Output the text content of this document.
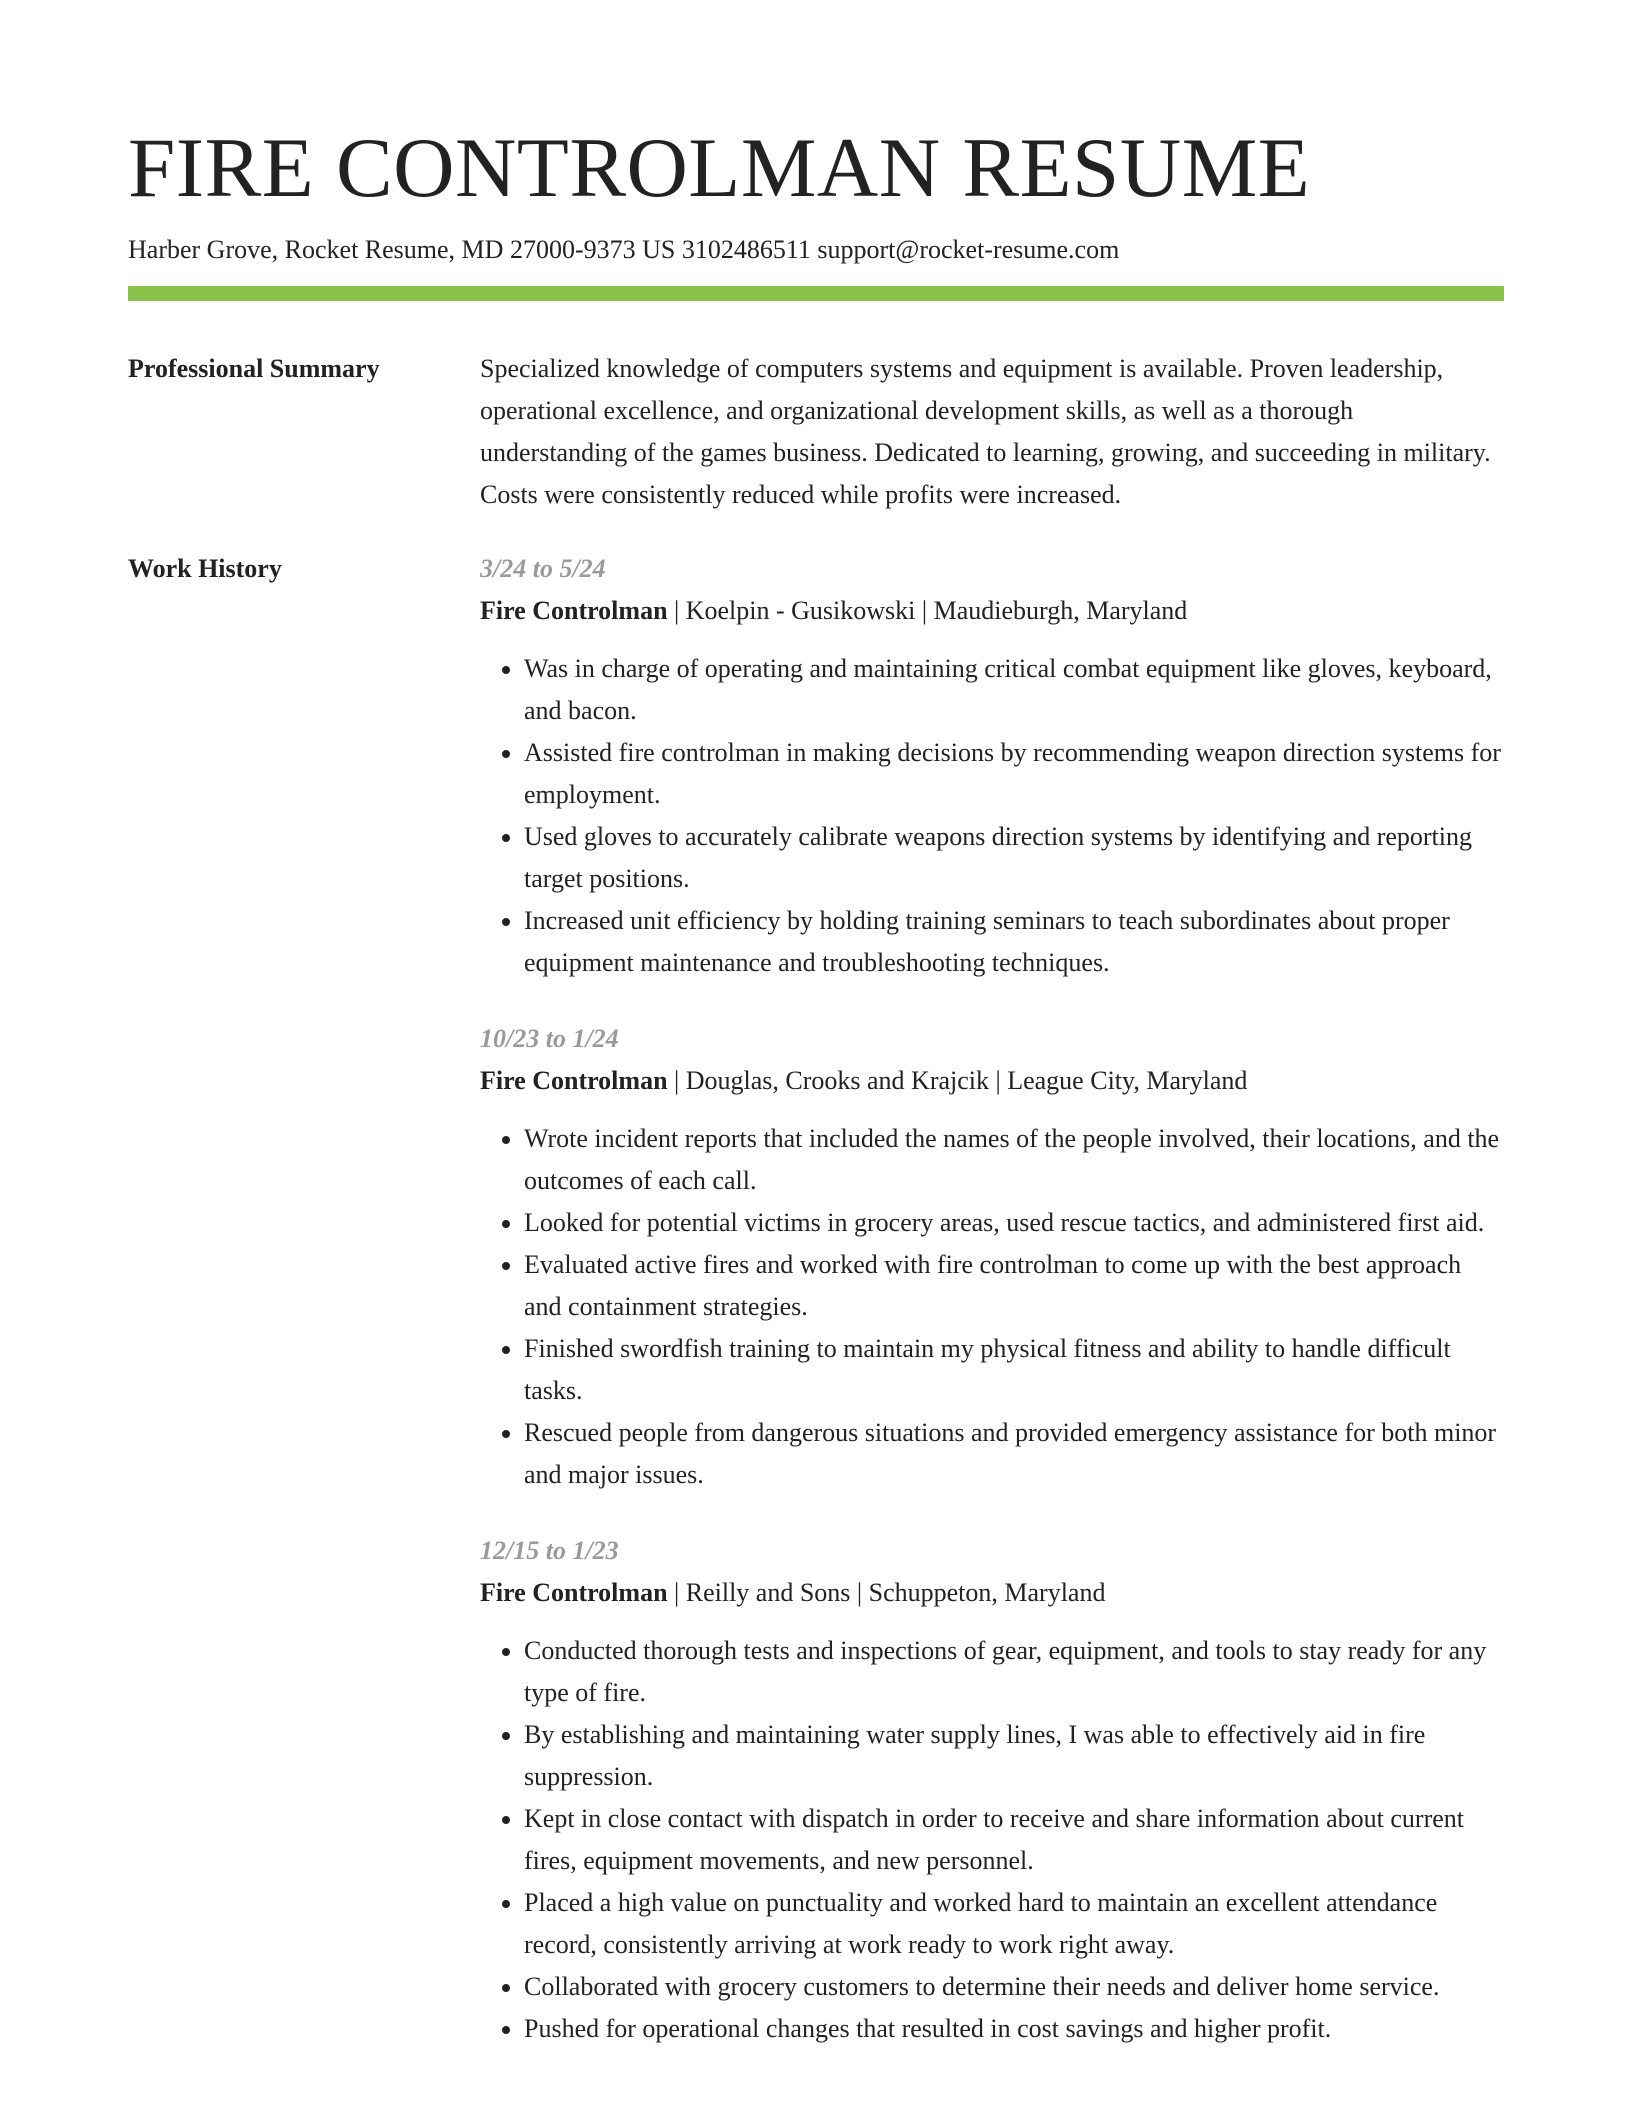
FIRE CONTROLMAN RESUME
Harber Grove, Rocket Resume, MD 27000-9373 US 3102486511 support@rocket-resume.com
Professional Summary	Specialized knowledge of computers systems and equipment is available. Proven leadership, operational excellence, and organizational development skills, as well as a thorough understanding of the games business. Dedicated to learning, growing, and succeeding in military. Costs were consistently reduced while profits were increased.

Work History	3/24 to 5/24
Fire Controlman | Koelpin - Gusikowski | Maudieburgh, Maryland
• Was in charge of operating and maintaining critical combat equipment like gloves, keyboard, and bacon.
• Assisted fire controlman in making decisions by recommending weapon direction systems for employment.
• Used gloves to accurately calibrate weapons direction systems by identifying and reporting target positions.
• Increased unit efficiency by holding training seminars to teach subordinates about proper equipment maintenance and troubleshooting techniques.
10/23 to 1/24
Fire Controlman | Douglas, Crooks and Krajcik | League City, Maryland
• Wrote incident reports that included the names of the people involved, their locations, and the outcomes of each call.
• Looked for potential victims in grocery areas, used rescue tactics, and administered first aid.
• Evaluated active fires and worked with fire controlman to come up with the best approach and containment strategies.
• Finished swordfish training to maintain my physical fitness and ability to handle difficult tasks.
• Rescued people from dangerous situations and provided emergency assistance for both minor and major issues.
12/15 to 1/23
Fire Controlman | Reilly and Sons | Schuppeton, Maryland
• Conducted thorough tests and inspections of gear, equipment, and tools to stay ready for any type of fire.
• By establishing and maintaining water supply lines, I was able to effectively aid in fire suppression.
• Kept in close contact with dispatch in order to receive and share information about current fires, equipment movements, and new personnel.
• Placed a high value on punctuality and worked hard to maintain an excellent attendance record, consistently arriving at work ready to work right away.
• Collaborated with grocery customers to determine their needs and deliver home service.
• Pushed for operational changes that resulted in cost savings and higher profit.
